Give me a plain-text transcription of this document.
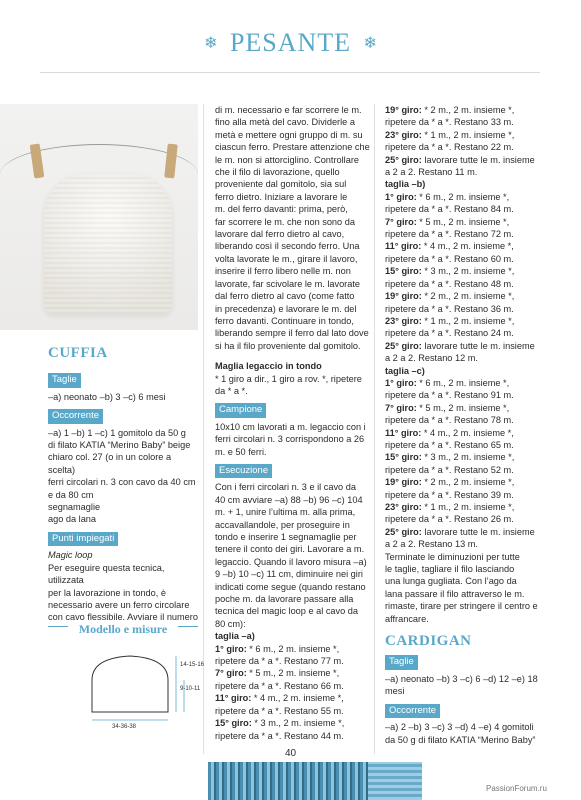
❄ PESANTE ❄
CUFFIA
Taglie

–a) neonato –b) 3 –c) 6 mesi

Occorrente

–a) 1 –b) 1 –c) 1 gomitolo da 50 g

di filato KATIA “Merino Baby” beige

chiaro col. 27 (o in un colore a scelta)

ferri circolari n. 3 con cavo da 40 cm

e da 80 cm

segnamaglie

ago da lana

Punti impiegati

Magic loop

Per eseguire questa tecnica, utilizzata

per la lavorazione in tondo, è

necessario avere un ferro circolare

con cavo flessibile. Avviare il numero

Modello e misure
14-15-16
9-10-11
34-36-38

di m. necessario e far scorrere le m.

fino alla metà del cavo. Dividerle a

metà e mettere ogni gruppo di m. su

ciascun ferro. Prestare attenzione che

le m. non si attorciglino. Controllare

che il filo di lavorazione, quello

proveniente dal gomitolo, sia sul

ferro dietro. Iniziare a lavorare le

m. del ferro davanti: prima, però,

far scorrere le m. che non sono da

lavorare dal ferro dietro al cavo,

liberando così il secondo ferro. Una

volta lavorate le m., girare il lavoro,

inserire il ferro libero nelle m. non

lavorate, far scivolare le m. lavorate

dal ferro dietro al cavo (come fatto

in precedenza) e lavorare le m. del

ferro davanti. Continuare in tondo,

liberando sempre il ferro dal lato dove

si ha il filo proveniente dal gomitolo.

Maglia legaccio in tondo

* 1 giro a dir., 1 giro a rov. *, ripetere

da * a *.

Campione

10x10 cm lavorati a m. legaccio con i

ferri circolari n. 3 corrispondono a 26

m. e 50 ferri.

Esecuzione

Con i ferri circolari n. 3 e il cavo da

40 cm avviare –a) 88 –b) 96 –c) 104

m. + 1, unire l’ultima m. alla prima,

accavallandole, per proseguire in

tondo e inserire 1 segnamaglie per

tenere il conto dei giri. Lavorare a m.

legaccio. Quando il lavoro misura –a)

9 –b) 10 –c) 11 cm, diminuire nei giri

indicati come segue (quando restano

poche m. da lavorare passare alla

tecnica del magic loop e al cavo da

80 cm):

taglia –a)

1° giro: * 6 m., 2 m. insieme *,

ripetere da * a *. Restano 77 m.

7° giro: * 5 m., 2 m. insieme *,

ripetere da * a *. Restano 66 m.

11° giro: * 4 m., 2 m. insieme *,

ripetere da * a *. Restano 55 m.

15° giro: * 3 m., 2 m. insieme *,

ripetere da * a *. Restano 44 m.

19° giro: * 2 m., 2 m. insieme *,

ripetere da * a *. Restano 33 m.

23° giro: * 1 m., 2 m. insieme *,

ripetere da * a *. Restano 22 m.

25° giro: lavorare tutte le m. insieme

a 2 a 2. Restano 11 m.

taglia –b)

1° giro: * 6 m., 2 m. insieme *,

ripetere da * a *. Restano 84 m.

7° giro: * 5 m., 2 m. insieme *,

ripetere da * a *. Restano 72 m.

11° giro: * 4 m., 2 m. insieme *,

ripetere da * a *. Restano 60 m.

15° giro: * 3 m., 2 m. insieme *,

ripetere da * a *. Restano 48 m.

19° giro: * 2 m., 2 m. insieme *,

ripetere da * a *. Restano 36 m.

23° giro: * 1 m., 2 m. insieme *,

ripetere da * a *. Restano 24 m.

25° giro: lavorare tutte le m. insieme

a 2 a 2. Restano 12 m.

taglia –c)

1° giro: * 6 m., 2 m. insieme *,

ripetere da * a *. Restano 91 m.

7° giro: * 5 m., 2 m. insieme *,

ripetere da * a *. Restano 78 m.

11° giro: * 4 m., 2 m. insieme *,

ripetere da * a *. Restano 65 m.

15° giro: * 3 m., 2 m. insieme *,

ripetere da * a *. Restano 52 m.

19° giro: * 2 m., 2 m. insieme *,

ripetere da * a *. Restano 39 m.

23° giro: * 1 m., 2 m. insieme *,

ripetere da * a *. Restano 26 m.

25° giro: lavorare tutte le m. insieme

a 2 a 2. Restano 13 m.

Terminate le diminuzioni per tutte

le taglie, tagliare il filo lasciando

una lunga gugliata. Con l’ago da

lana passare il filo attraverso le m.

rimaste, tirare per stringere il centro e

affrancare.

CARDIGAN
Taglie

–a) neonato –b) 3 –c) 6 –d) 12 –e) 18

mesi

Occorrente

–a) 2 –b) 3 –c) 3 –d) 4 –e) 4 gomitoli

da 50 g di filato KATIA “Merino Baby”

40
PassionForum.ru
